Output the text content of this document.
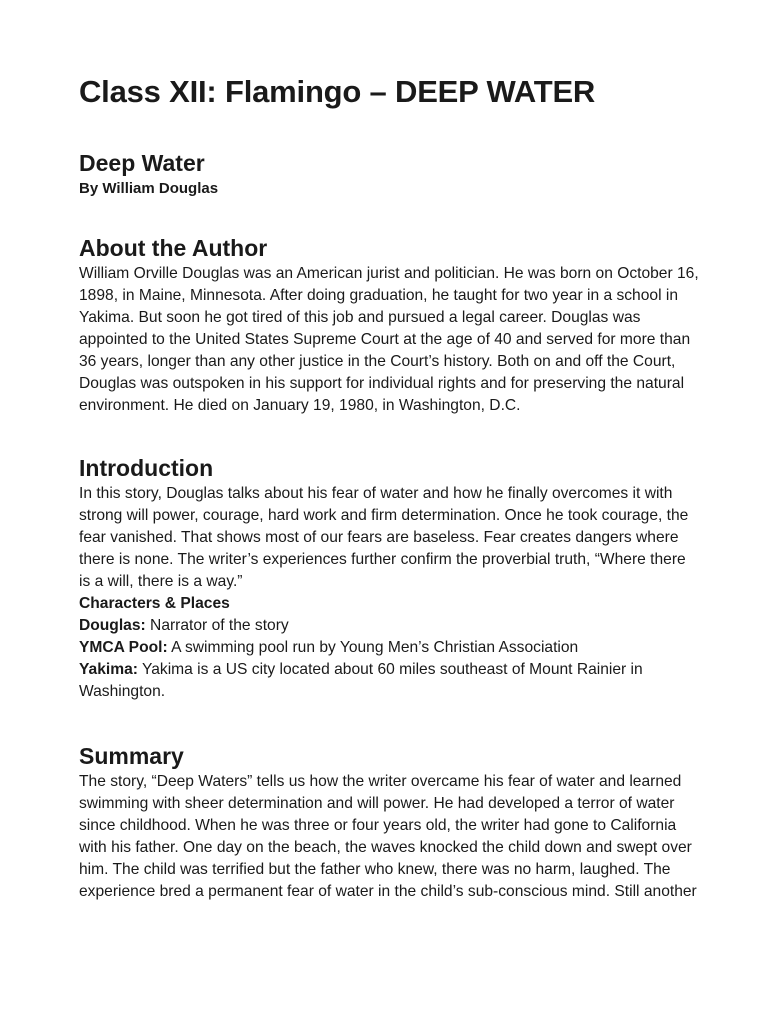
Class XII: Flamingo – DEEP WATER
Deep Water

By William Douglas

About the Author

William Orville Douglas was an American jurist and politician. He was born on October 16, 1898, in Maine, Minnesota. After doing graduation, he taught for two year in a school in Yakima. But soon he got tired of this job and pursued a legal career. Douglas was appointed to the United States Supreme Court at the age of 40 and served for more than 36 years, longer than any other justice in the Court’s history. Both on and off the Court, Douglas was outspoken in his support for individual rights and for preserving the natural environment. He died on January 19, 1980, in Washington, D.C.

Introduction

In this story, Douglas talks about his fear of water and how he finally overcomes it with strong will power, courage, hard work and firm determination. Once he took courage, the fear vanished. That shows most of our fears are baseless. Fear creates dangers where there is none. The writer’s experiences further confirm the proverbial truth, “Where there is a will, there is a way.”

Characters & Places

Douglas: Narrator of the story

YMCA Pool: A swimming pool run by Young Men’s Christian Association

Yakima: Yakima is a US city located about 60 miles southeast of Mount Rainier in Washington.

Summary

The story, “Deep Waters” tells us how the writer overcame his fear of water and learned swimming with sheer determination and will power. He had developed a terror of water since childhood. When he was three or four years old, the writer had gone to California with his father. One day on the beach, the waves knocked the child down and swept over him. The child was terrified but the father who knew, there was no harm, laughed. The experience bred a permanent fear of water in the child’s sub-conscious mind. Still another
